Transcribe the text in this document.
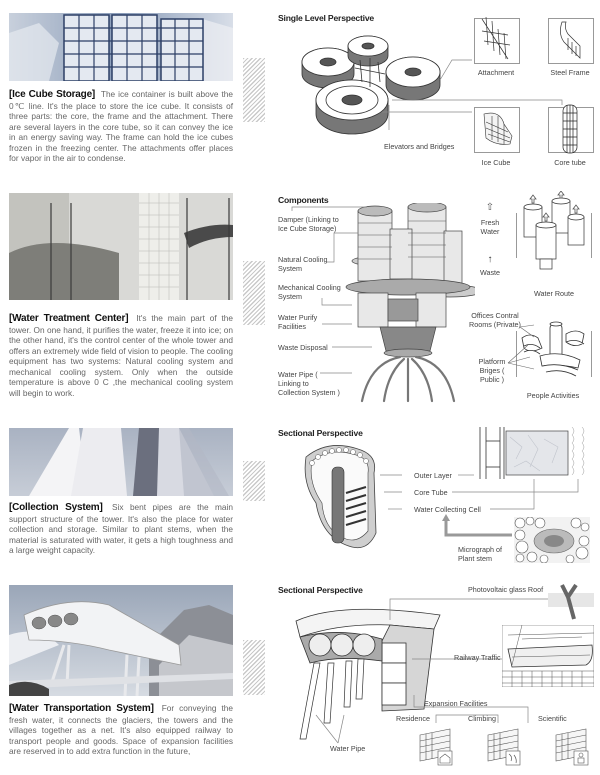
[Ice Cube Storage] The ice container is built above the 0℃ line. It's the place to store the ice cube. It consists of three parts: the core, the frame and the attachment. There are several layers in the core tube, so it can convey the ice in an energy saving way. The frame can hold the ice cubes frozen in the freezing center. The attachments offer places for vapor in the air to condense.

Single Level Perspective
Elevators and Bridges
Attachment	Steel Frame
Ice Cube	Core tube

[Water Treatment Center] It's the main part of the tower. On one hand, it purifies the water, freeze it into ice; on the other hand, it's the control center of the whole tower and offers an extremely wide field of vision to people. The cooling equipment has two systems: Natural cooling system and mechanical cooling system. Only when the outside temperature is above 0 C ,the mechanical cooling system will begin to work.

Components
Damper (Linking to Ice Cube Storage)
Natural Cooling System
Mechanical Cooling System
Water Purify Facilities
Waste Disposal
Water Pipe ( Linking to Collection System )
⇧
Fresh Water
↑
Waste
Water Route
Offices Contral Rooms (Private)
Platform Briges ( Public )
People Activities

[Collection System] Six bent pipes are the main support structure of the tower. It's also the place for water collection and storage. Similar to plant stems, when the material is saturated with water, it gets a high toughness and a large weight capacity.

Sectional Perspective
Outer Layer
Core Tube
Water Collecting Cell
Micrograph of Plant stem

[Water Transportation System] For conveying the fresh water, it connects the glaciers, the towers and the villages together as a net. It's also equipped railway to transport people and goods. Space of expansion facilities are reserved in to add extra function in the future,

Sectional Perspective	Photovoltaic glass Roof
Railway Traffic
Expansion Facilities
Residence	Climbing	Scientific
Water Pipe
